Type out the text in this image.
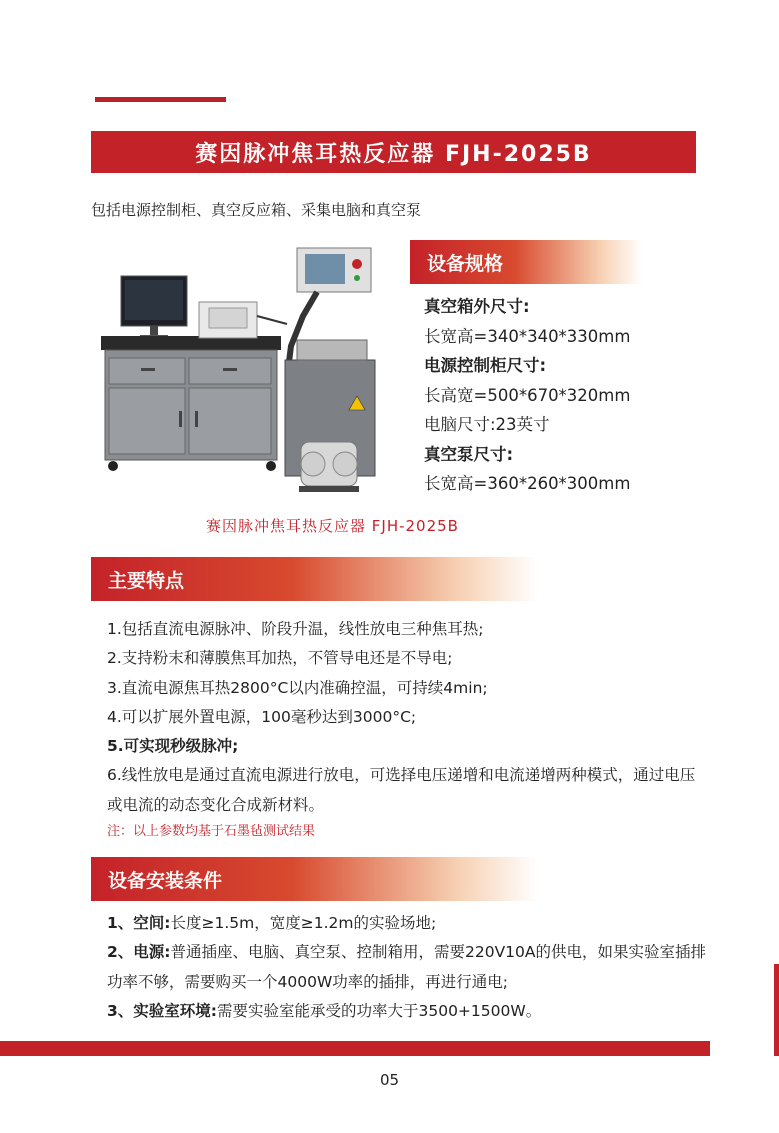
赛因脉冲焦耳热反应器 FJH-2025B
包括电源控制柜、真空反应箱、采集电脑和真空泵
赛因脉冲焦耳热反应器 FJH-2025B
设备规格
真空箱外尺寸:
长宽高=340*340*330mm
电源控制柜尺寸:
长高宽=500*670*320mm
电脑尺寸:23英寸
真空泵尺寸:
长宽高=360*260*300mm
主要特点
1.包括直流电源脉冲、阶段升温，线性放电三种焦耳热;
2.支持粉末和薄膜焦耳加热，不管导电还是不导电;
3.直流电源焦耳热2800°C以内准确控温，可持续4min;
4.可以扩展外置电源，100毫秒达到3000°C;
5.可实现秒级脉冲;
6.线性放电是通过直流电源进行放电，可选择电压递增和电流递增两种模式，通过电压或电流的动态变化合成新材料。
注：以上参数均基于石墨毡测试结果
设备安装条件

1、空间:长度≥1.5m，宽度≥1.2m的实验场地;

2、电源:普通插座、电脑、真空泵、控制箱用，需要220V10A的供电，如果实验室插排功率不够，需要购买一个4000W功率的插排，再进行通电;

3、实验室环境:需要实验室能承受的功率大于3500+1500W。

05
